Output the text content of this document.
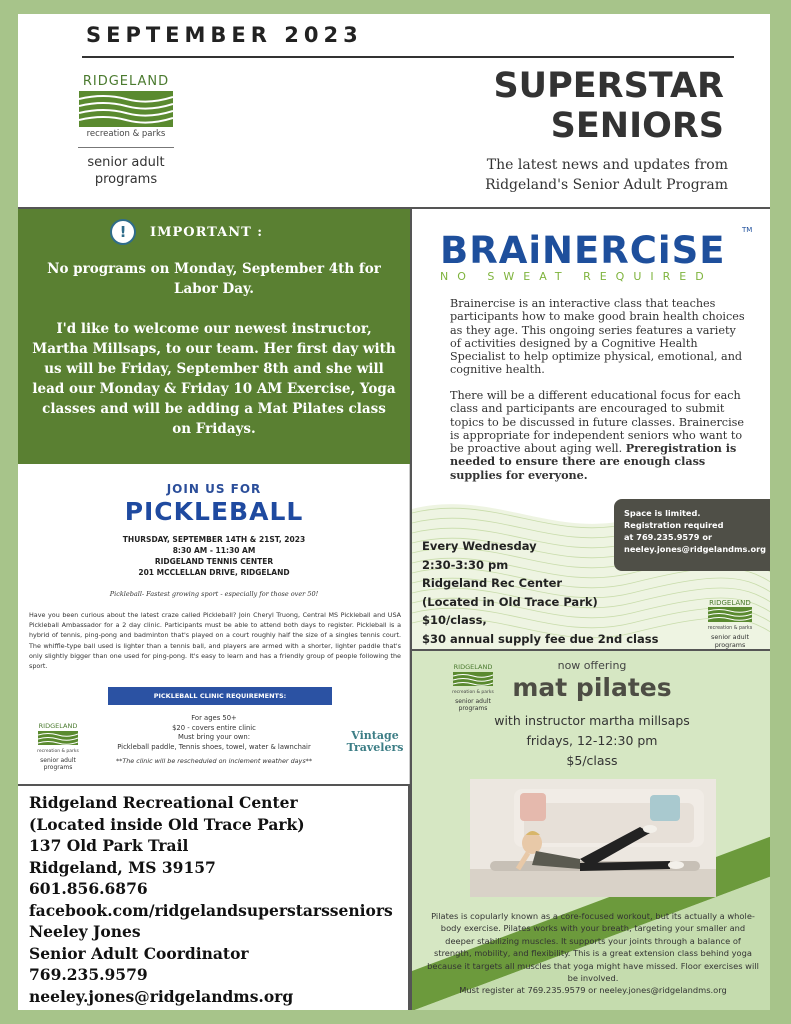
SEPTEMBER 2023
RIDGELAND
recreation & parks
senior adult
programs
SUPERSTAR
SENIORS
The latest news and updates from
Ridgeland's Senior Adult Program
!	IMPORTANT :
No programs on Monday, September 4th for Labor Day.
I'd like to welcome our newest instructor, Martha Millsaps, to our team. Her first day with us will be Friday, September 8th and she will lead our Monday & Friday 10 AM Exercise, Yoga classes and will be adding a Mat Pilates class on Fridays.
JOIN US FOR
PICKLEBALL
THURSDAY, SEPTEMBER 14TH & 21ST, 2023
8:30 AM - 11:30 AM
RIDGELAND TENNIS CENTER
201 MCCLELLAN DRIVE, RIDGELAND
Pickleball- Fastest growing sport - especially for those over 50!
Have you been curious about the latest craze called Pickleball? Join Cheryl Truong, Central MS Pickleball and USA Pickleball Ambassador for a 2 day clinic. Participants must be able to attend both days to register. Pickleball is a hybrid of tennis, ping-pong and badminton that's played on a court roughly half the size of a singles tennis court. The whiffle-type ball used is lighter than a tennis ball, and players are armed with a shorter, lighter paddle that's only slightly bigger than one used for ping-pong. It's easy to learn and has a friendly group of people following the sport.
PICKLEBALL CLINIC REQUIREMENTS:
For ages 50+
$20 - covers entire clinic
Must bring your own:
Pickleball paddle, Tennis shoes, towel, water & lawnchair
**The clinic will be rescheduled on inclement weather days**
RIDGELAND
recreation & parks
senior adult
programs
Vintage
Travelers
Ridgeland Recreational Center
(Located inside Old Trace Park)
137 Old Park Trail
Ridgeland, MS 39157
601.856.6876
facebook.com/ridgelandsuperstarsseniors
Neeley Jones
Senior Adult Coordinator
769.235.9579
neeley.jones@ridgelandms.org
BRAiNERCiSE TM
NO SWEAT REQUIRED
Brainercise is an interactive class that teaches participants how to make good brain health choices as they age. This ongoing series features a variety of activities designed by a Cognitive Health Specialist to help optimize physical, emotional, and cognitive health.
There will be a different educational focus for each class and participants are encouraged to submit topics to be discussed in future classes. Brainercise is appropriate for independent seniors who want to be proactive about aging well. Preregistration is needed to ensure there are enough class supplies for everyone.
Every Wednesday
2:30-3:30 pm
Ridgeland Rec Center
(Located in Old Trace Park)
$10/class,
$30 annual supply fee due 2nd class
Space is limited.
Registration required
at 769.235.9579 or
neeley.jones@ridgelandms.org
RIDGELAND
recreation & parks
senior adult
programs
RIDGELAND
recreation & parks
senior adult
programs
now offering
mat pilates
with instructor martha millsaps
fridays, 12-12:30 pm
$5/class
Pilates is copularly known as a core-focused workout, but its actually a whole-body exercise. Pilates works with your breath, targeting your smaller and deeper stabilizing muscles. It supports your joints through a balance of strength, mobility, and flexibility. This is a great extension class behind yoga because it targets all muscles that yoga might have missed. Floor exercises will be involved.
Must register at 769.235.9579 or neeley.jones@ridgelandms.org
